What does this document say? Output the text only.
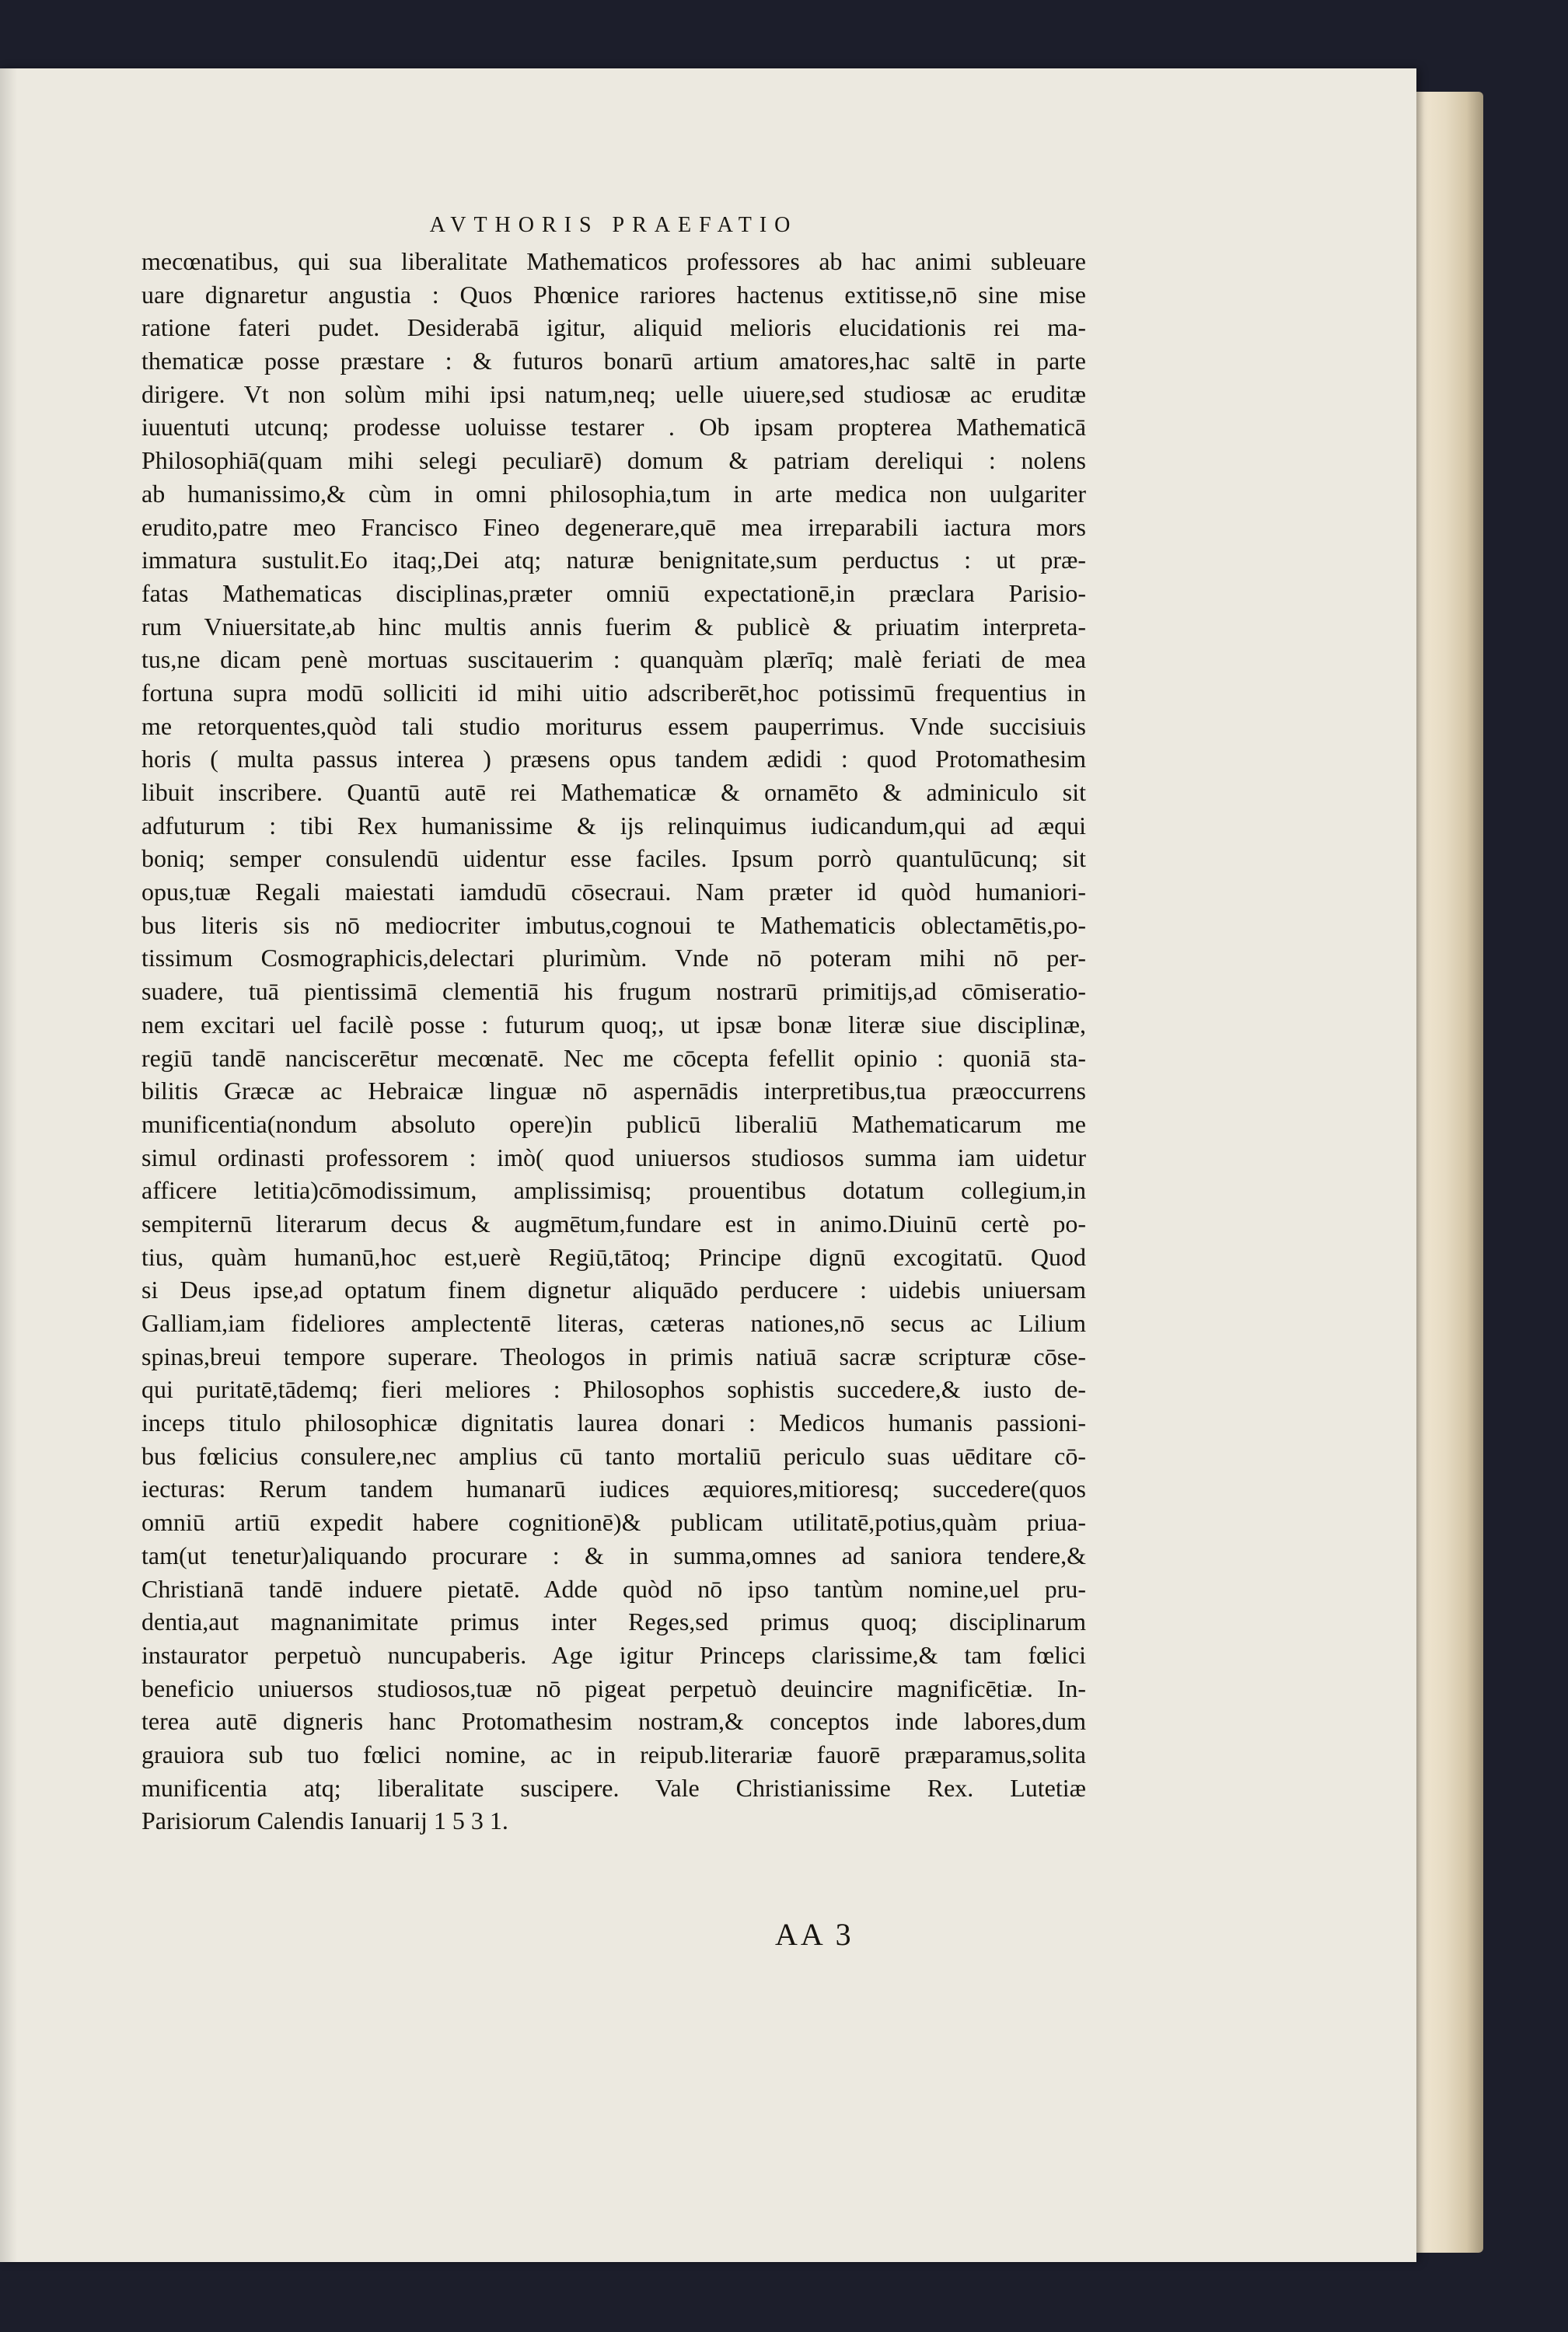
AVTHORIS PRAEFATIO
mecœnatibus, qui sua liberalitate Mathematicos professores ab hac animi subleuare
uare dignaretur angustia : Quos Phœnice rariores hactenus extitisse,nō sine mise
ratione fateri pudet. Desiderabā igitur, aliquid melioris elucidationis rei ma-
thematicæ posse præstare : & futuros bonarū artium amatores,hac saltē in parte
dirigere. Vt non solùm mihi ipsi natum,neq; uelle uiuere,sed studiosæ ac eruditæ
iuuentuti utcunq; prodesse uoluisse testarer . Ob ipsam propterea Mathematicā
Philosophiā(quam mihi selegi peculiarē) domum & patriam dereliqui : nolens
ab humanissimo,& cùm in omni philosophia,tum in arte medica non uulgariter
erudito,patre meo Francisco Fineo degenerare,quē mea irreparabili iactura mors
immatura sustulit.Eo itaq;,Dei atq; naturæ benignitate,sum perductus : ut præ-
fatas Mathematicas disciplinas,præter omniū expectationē,in præclara Parisio-
rum Vniuersitate,ab hinc multis annis fuerim & publicè & priuatim interpreta-
tus,ne dicam penè mortuas suscitauerim : quanquàm plærīq; malè feriati de mea
fortuna supra modū solliciti id mihi uitio adscriberēt,hoc potissimū frequentius in
me retorquentes,quòd tali studio moriturus essem pauperrimus. Vnde succisiuis
horis ( multa passus interea ) præsens opus tandem ædidi : quod Protomathesim
libuit inscribere. Quantū autē rei Mathematicæ & ornamēto & adminiculo sit
adfuturum : tibi Rex humanissime & ijs relinquimus iudicandum,qui ad æqui
boniq; semper consulendū uidentur esse faciles. Ipsum porrò quantulūcunq; sit
opus,tuæ Regali maiestati iamdudū cōsecraui. Nam præter id quòd humaniori-
bus literis sis nō mediocriter imbutus,cognoui te Mathematicis oblectamētis,po-
tissimum Cosmographicis,delectari plurimùm. Vnde nō poteram mihi nō per-
suadere, tuā pientissimā clementiā his frugum nostrarū primitijs,ad cōmiseratio-
nem excitari uel facilè posse : futurum quoq;, ut ipsæ bonæ literæ siue disciplinæ,
regiū tandē nanciscerētur mecœnatē. Nec me cōcepta fefellit opinio : quoniā sta-
bilitis Græcæ ac Hebraicæ linguæ nō aspernādis interpretibus,tua præoccurrens
munificentia(nondum absoluto opere)in publicū liberaliū Mathematicarum me
simul ordinasti professorem : imò( quod uniuersos studiosos summa iam uidetur
afficere letitia)cōmodissimum, amplissimisq; prouentibus dotatum collegium,in
sempiternū literarum decus & augmētum,fundare est in animo.Diuinū certè po-
tius, quàm humanū,hoc est,uerè Regiū,tātoq; Principe dignū excogitatū. Quod
si Deus ipse,ad optatum finem dignetur aliquādo perducere : uidebis uniuersam
Galliam,iam fideliores amplectentē literas, cæteras nationes,nō secus ac Lilium
spinas,breui tempore superare. Theologos in primis natiuā sacræ scripturæ cōse-
qui puritatē,tādemq; fieri meliores : Philosophos sophistis succedere,& iusto de-
inceps titulo philosophicæ dignitatis laurea donari : Medicos humanis passioni-
bus fœlicius consulere,nec amplius cū tanto mortaliū periculo suas uēditare cō-
iecturas: Rerum tandem humanarū iudices æquiores,mitioresq; succedere(quos
omniū artiū expedit habere cognitionē)& publicam utilitatē,potius,quàm priua-
tam(ut tenetur)aliquando procurare : & in summa,omnes ad saniora tendere,&
Christianā tandē induere pietatē. Adde quòd nō ipso tantùm nomine,uel pru-
dentia,aut magnanimitate primus inter Reges,sed primus quoq; disciplinarum
instaurator perpetuò nuncupaberis. Age igitur Princeps clarissime,& tam fœlici
beneficio uniuersos studiosos,tuæ nō pigeat perpetuò deuincire magnificētiæ. In-
terea autē digneris hanc Protomathesim nostram,& conceptos inde labores,dum
grauiora sub tuo fœlici nomine, ac in reipub.literariæ fauorē præparamus,solita
munificentia atq; liberalitate suscipere. Vale Christianissime Rex. Lutetiæ
Parisiorum Calendis Ianuarij 1 5 3 1.
AA 3
